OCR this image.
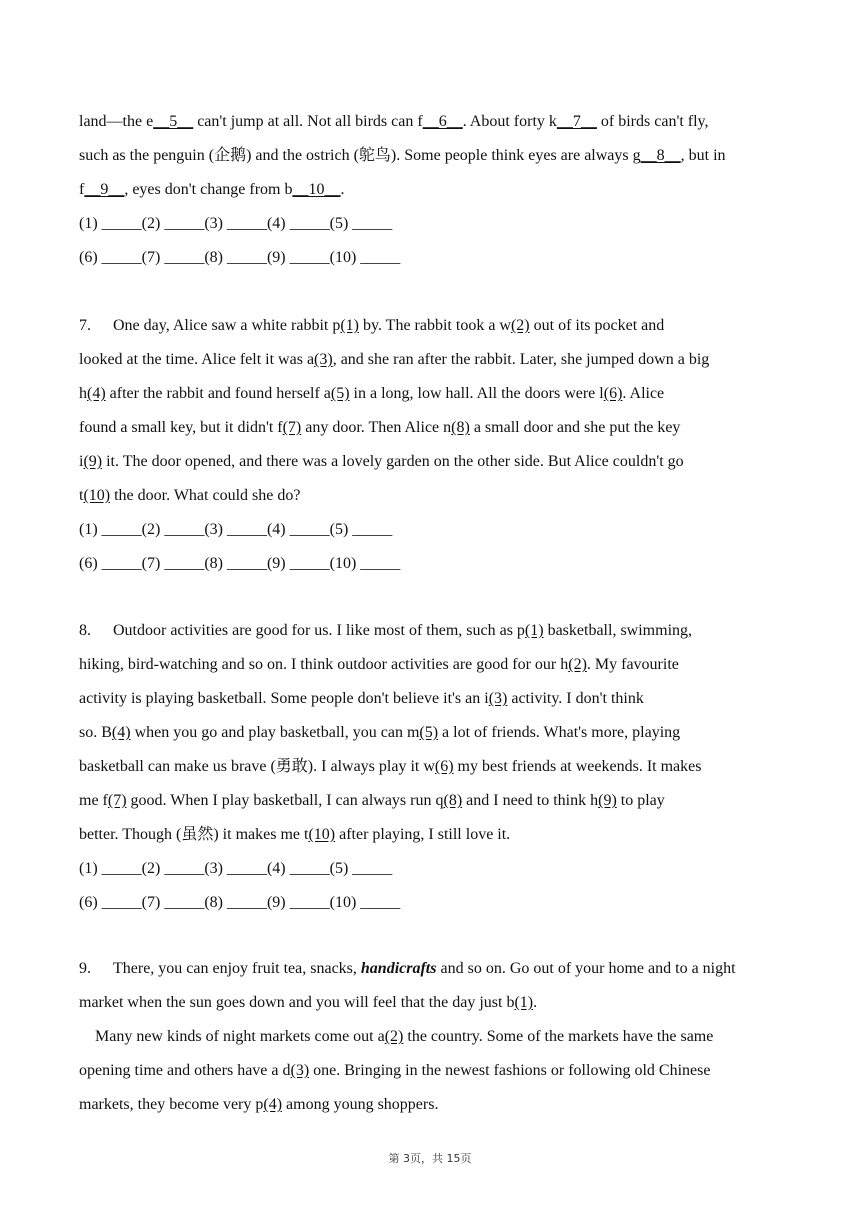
land—the e__5__ can't jump at all. Not all birds can f__6__. About forty k__7__ of birds can't fly,
such as the penguin (企鹅) and the ostrich (鸵鸟). Some people think eyes are always g__8__, but in
f__9__, eyes don't change from b__10__.
(1) _____(2) _____(3) _____(4) _____(5) _____
(6) _____(7) _____(8) _____(9) _____(10) _____
7. One day, Alice saw a white rabbit p(1) by. The rabbit took a w(2) out of its pocket and
looked at the time. Alice felt it was a(3), and she ran after the rabbit. Later, she jumped down a big
h(4) after the rabbit and found herself a(5) in a long, low hall. All the doors were l(6). Alice
found a small key, but it didn't f(7) any door. Then Alice n(8) a small door and she put the key
i(9) it. The door opened, and there was a lovely garden on the other side. But Alice couldn't go
t(10) the door. What could she do?
(1) _____(2) _____(3) _____(4) _____(5) _____
(6) _____(7) _____(8) _____(9) _____(10) _____
8. Outdoor activities are good for us. I like most of them, such as p(1) basketball, swimming,
hiking, bird-watching and so on. I think outdoor activities are good for our h(2). My favourite
activity is playing basketball. Some people don't believe it's an i(3) activity. I don't think
so. B(4) when you go and play basketball, you can m(5) a lot of friends. What's more, playing
basketball can make us brave (勇敢). I always play it w(6) my best friends at weekends. It makes
me f(7) good. When I play basketball, I can always run q(8) and I need to think h(9) to play
better. Though (虽然) it makes me t(10) after playing, I still love it.
(1) _____(2) _____(3) _____(4) _____(5) _____
(6) _____(7) _____(8) _____(9) _____(10) _____
9. There, you can enjoy fruit tea, snacks, handicrafts and so on. Go out of your home and to a night
market when the sun goes down and you will feel that the day just b(1).
Many new kinds of night markets come out a(2) the country. Some of the markets have the same
opening time and others have a d(3) one. Bringing in the newest fashions or following old Chinese
markets, they become very p(4) among young shoppers.
第 3页，共 15页
